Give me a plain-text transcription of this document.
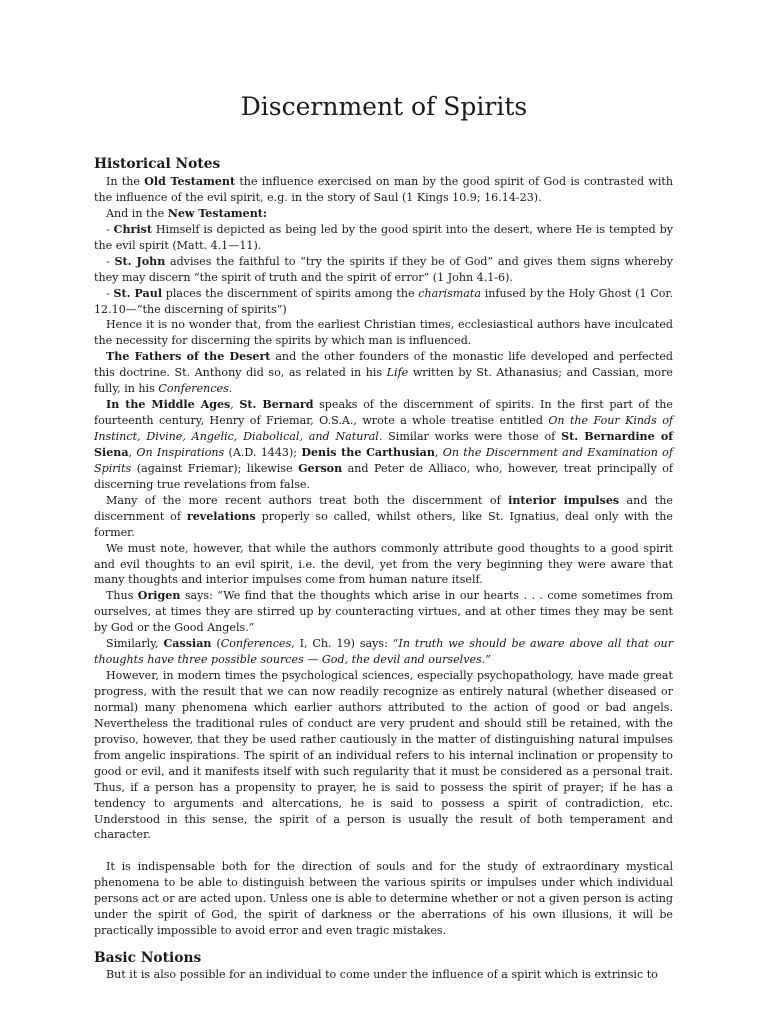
Discernment of Spirits
Historical Notes

In the Old Testament the influence exercised on man by the good spirit of God is contrasted with the influence of the evil spirit, e.g. in the story of Saul (1 Kings 10.9; 16.14-23).

And in the New Testament:

- Christ Himself is depicted as being led by the good spirit into the desert, where He is tempted by the evil spirit (Matt. 4.1—11).

- St. John advises the faithful to “try the spirits if they be of God” and gives them signs whereby they may discern “the spirit of truth and the spirit of error” (1 John 4.1-6).

- St. Paul places the discernment of spirits among the charismata infused by the Holy Ghost (1 Cor. 12.10—“the discerning of spirits”)

Hence it is no wonder that, from the earliest Christian times, ecclesiastical authors have inculcated the necessity for discerning the spirits by which man is influenced.

The Fathers of the Desert and the other founders of the monastic life developed and perfected this doctrine. St. Anthony did so, as related in his Life written by St. Athanasius; and Cassian, more fully, in his Conferences.

In the Middle Ages, St. Bernard speaks of the discernment of spirits. In the first part of the fourteenth century, Henry of Friemar, O.S.A., wrote a whole treatise entitled On the Four Kinds of Instinct, Divine, Angelic, Diabolical, and Natural. Similar works were those of St. Bernardine of Siena, On Inspirations (A.D. 1443); Denis the Carthusian, On the Discernment and Examination of Spirits (against Friemar); likewise Gerson and Peter de Alliaco, who, however, treat principally of discerning true revelations from false.

Many of the more recent authors treat both the discernment of interior impulses and the discernment of revelations properly so called, whilst others, like St. Ignatius, deal only with the former.

We must note, however, that while the authors commonly attribute good thoughts to a good spirit and evil thoughts to an evil spirit, i.e. the devil, yet from the very beginning they were aware that many thoughts and interior impulses come from human nature itself.

Thus Origen says: “We find that the thoughts which arise in our hearts . . . come sometimes from ourselves, at times they are stirred up by counteracting virtues, and at other times they may be sent by God or the Good Angels.”

Similarly, Cassian (Conferences, I, Ch. 19) says: “In truth we should be aware above all that our thoughts have three possible sources — God, the devil and ourselves.”

However, in modern times the psychological sciences, especially psychopathology, have made great progress, with the result that we can now readily recognize as entirely natural (whether diseased or normal) many phenomena which earlier authors attributed to the action of good or bad angels. Nevertheless the traditional rules of conduct are very prudent and should still be retained, with the proviso, however, that they be used rather cautiously in the matter of distinguishing natural impulses from angelic inspirations. The spirit of an individual refers to his internal inclination or propensity to good or evil, and it manifests itself with such regularity that it must be considered as a personal trait. Thus, if a person has a propensity to prayer, he is said to possess the spirit of prayer; if he has a tendency to arguments and altercations, he is said to possess a spirit of contradiction, etc. Understood in this sense, the spirit of a person is usually the result of both temperament and character.

It is indispensable both for the direction of souls and for the study of extraordinary mystical phenomena to be able to distinguish between the various spirits or impulses under which individual persons act or are acted upon. Unless one is able to determine whether or not a given person is acting under the spirit of God, the spirit of darkness or the aberrations of his own illusions, it will be practically impossible to avoid error and even tragic mistakes.

Basic Notions

But it is also possible for an individual to come under the influence of a spirit which is extrinsic to
